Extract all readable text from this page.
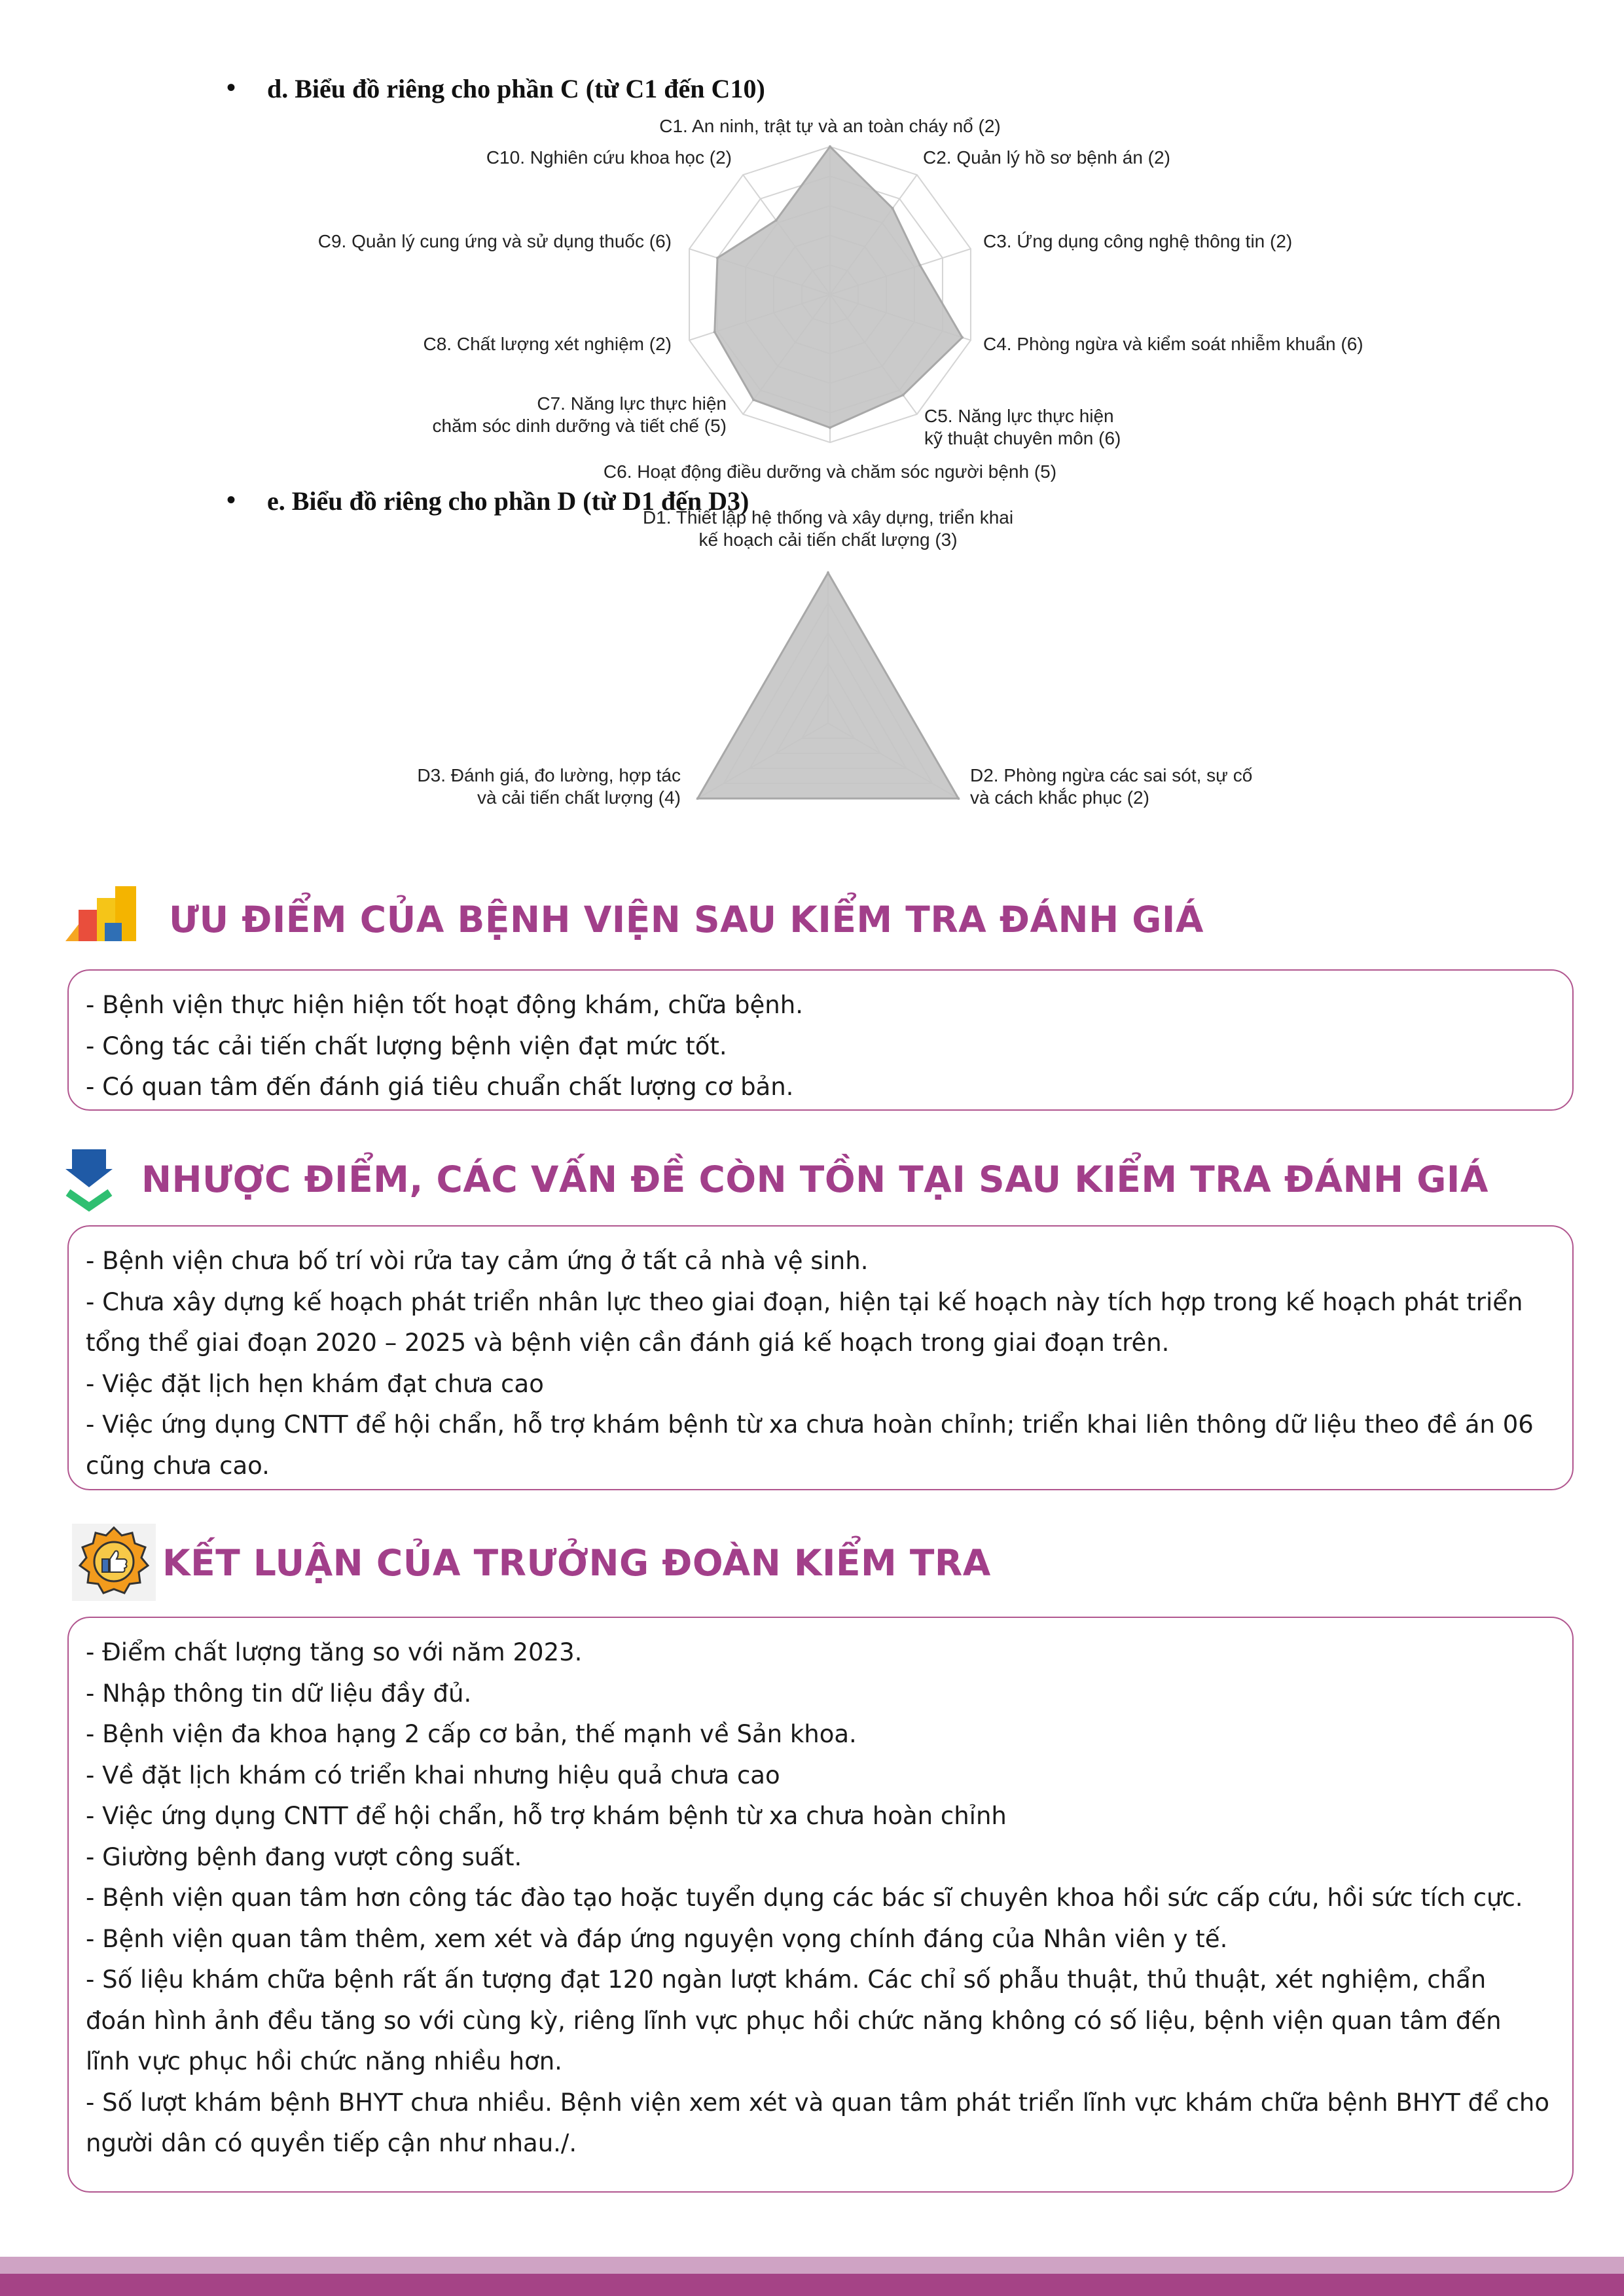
• d. Biểu đồ riêng cho phần C (từ C1 đến C10)
C1. An ninh, trật tự và an toàn cháy nổ (2)
C2. Quản lý hồ sơ bệnh án (2)
C3. Ứng dụng công nghệ thông tin (2)
C4. Phòng ngừa và kiểm soát nhiễm khuẩn (6)
C5. Năng lực thực hiện kỹ thuật chuyên môn (6)
C6. Hoạt động điều dưỡng và chăm sóc người bệnh (5)
C7. Năng lực thực hiện chăm sóc dinh dưỡng và tiết chế (5)
C8. Chất lượng xét nghiệm (2)
C9. Quản lý cung ứng và sử dụng thuốc (6)
C10. Nghiên cứu khoa học (2)
• e. Biểu đồ riêng cho phần D (từ D1 đến D3)
D1. Thiết lập hệ thống và xây dựng, triển khai kế hoạch cải tiến chất lượng (3)
D2. Phòng ngừa các sai sót, sự cố và cách khắc phục (2)
D3. Đánh giá, đo lường, hợp tác và cải tiến chất lượng (4)
ƯU ĐIỂM CỦA BỆNH VIỆN SAU KIỂM TRA ĐÁNH GIÁ
- Bệnh viện thực hiện hiện tốt hoạt động khám, chữa bệnh.
- Công tác cải tiến chất lượng bệnh viện đạt mức tốt.
- Có quan tâm đến đánh giá tiêu chuẩn chất lượng cơ bản.
NHƯỢC ĐIỂM, CÁC VẤN ĐỀ CÒN TỒN TẠI SAU KIỂM TRA ĐÁNH GIÁ
- Bệnh viện chưa bố trí vòi rửa tay cảm ứng ở tất cả nhà vệ sinh.
- Chưa xây dựng kế hoạch phát triển nhân lực theo giai đoạn, hiện tại kế hoạch này tích hợp trong kế hoạch phát triển
tổng thể giai đoạn 2020 – 2025 và bệnh viện cần đánh giá kế hoạch trong giai đoạn trên.
- Việc đặt lịch hẹn khám đạt chưa cao
- Việc ứng dụng CNTT để hội chẩn, hỗ trợ khám bệnh từ xa chưa hoàn chỉnh; triển khai liên thông dữ liệu theo đề án 06
cũng chưa cao.
KẾT LUẬN CỦA TRƯỞNG ĐOÀN KIỂM TRA
- Điểm chất lượng tăng so với năm 2023.
- Nhập thông tin dữ liệu đầy đủ.
- Bệnh viện đa khoa hạng 2 cấp cơ bản, thế mạnh về Sản khoa.
- Về đặt lịch khám có triển khai nhưng hiệu quả chưa cao
- Việc ứng dụng CNTT để hội chẩn, hỗ trợ khám bệnh từ xa chưa hoàn chỉnh
- Giường bệnh đang vượt công suất.
- Bệnh viện quan tâm hơn công tác đào tạo hoặc tuyển dụng các bác sĩ chuyên khoa hồi sức cấp cứu, hồi sức tích cực.
- Bệnh viện quan tâm thêm, xem xét và đáp ứng nguyện vọng chính đáng của Nhân viên y tế.
- Số liệu khám chữa bệnh rất ấn tượng đạt 120 ngàn lượt khám. Các chỉ số phẫu thuật, thủ thuật, xét nghiệm, chẩn
đoán hình ảnh đều tăng so với cùng kỳ, riêng lĩnh vực phục hồi chức năng không có số liệu, bệnh viện quan tâm đến
lĩnh vực phục hồi chức năng nhiều hơn.
- Số lượt khám bệnh BHYT chưa nhiều. Bệnh viện xem xét và quan tâm phát triển lĩnh vực khám chữa bệnh BHYT để cho
người dân có quyền tiếp cận như nhau./.
